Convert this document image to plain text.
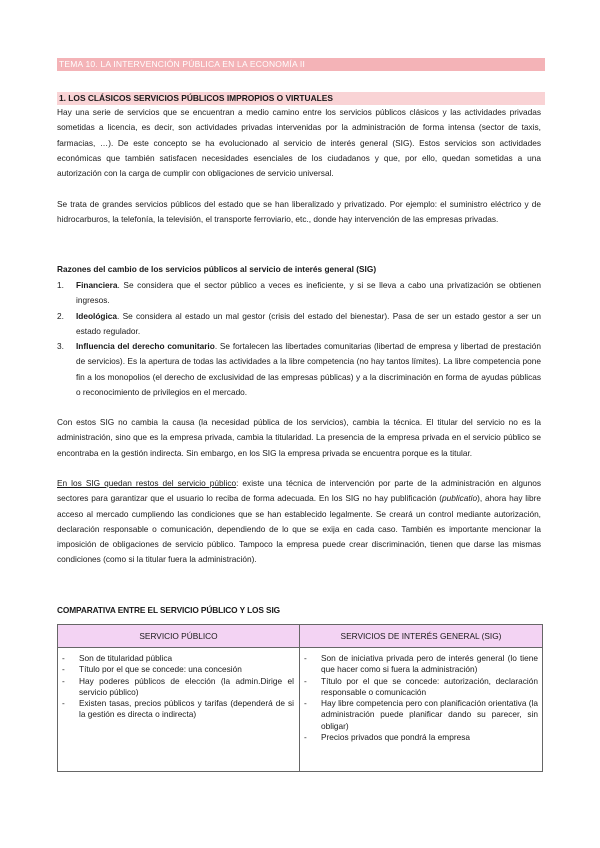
TEMA 10. LA INTERVENCIÓN PÚBLICA EN LA ECONOMÍA II
1. LOS CLÁSICOS SERVICIOS PÚBLICOS IMPROPIOS O VIRTUALES
Hay una serie de servicios que se encuentran a medio camino entre los servicios públicos clásicos y las actividades privadas sometidas a licencia, es decir, son actividades privadas intervenidas por la administración de forma intensa (sector de taxis, farmacias, …). De este concepto se ha evolucionado al servicio de interés general (SIG). Estos servicios son actividades económicas que también satisfacen necesidades esenciales de los ciudadanos y que, por ello, quedan sometidas a una autorización con la carga de cumplir con obligaciones de servicio universal.
Se trata de grandes servicios públicos del estado que se han liberalizado y privatizado. Por ejemplo: el suministro eléctrico y de hidrocarburos, la telefonía, la televisión, el transporte ferroviario, etc., donde hay intervención de las empresas privadas.
Razones del cambio de los servicios públicos al servicio de interés general (SIG)
1. Financiera. Se considera que el sector público a veces es ineficiente, y si se lleva a cabo una privatización se obtienen ingresos.
2. Ideológica. Se considera al estado un mal gestor (crisis del estado del bienestar). Pasa de ser un estado gestor a ser un estado regulador.
3. Influencia del derecho comunitario. Se fortalecen las libertades comunitarias (libertad de empresa y libertad de prestación de servicios). Es la apertura de todas las actividades a la libre competencia (no hay tantos límites). La libre competencia pone fin a los monopolios (el derecho de exclusividad de las empresas públicas) y a la discriminación en forma de ayudas públicas o reconocimiento de privilegios en el mercado.
Con estos SIG no cambia la causa (la necesidad pública de los servicios), cambia la técnica. El titular del servicio no es la administración, sino que es la empresa privada, cambia la titularidad. La presencia de la empresa privada en el servicio público se encontraba en la gestión indirecta. Sin embargo, en los SIG la empresa privada se encuentra porque es la titular.
En los SIG quedan restos del servicio público: existe una técnica de intervención por parte de la administración en algunos sectores para garantizar que el usuario lo reciba de forma adecuada. En los SIG no hay publificación (publicatio), ahora hay libre acceso al mercado cumpliendo las condiciones que se han establecido legalmente. Se creará un control mediante autorización, declaración responsable o comunicación, dependiendo de lo que se exija en cada caso. También es importante mencionar la imposición de obligaciones de servicio público. Tampoco la empresa puede crear discriminación, tienen que darse las mismas condiciones (como si la titular fuera la administración).
COMPARATIVA ENTRE EL SERVICIO PÚBLICO Y LOS SIG
SERVICIO PÚBLICO	SERVICIOS DE INTERÉS GENERAL (SIG)
- Son de titularidad pública
- Título por el que se concede: una concesión
- Hay poderes públicos de elección (la admin.Dirige el servicio público)
- Existen tasas, precios públicos y tarifas (dependerá de si la gestión es directa o indirecta)
- Son de iniciativa privada pero de interés general (lo tiene que hacer como si fuera la administración)
- Título por el que se concede: autorización, declaración responsable o comunicación
- Hay libre competencia pero con planificación orientativa (la administración puede planificar dando su parecer, sin obligar)
- Precios privados que pondrá la empresa
